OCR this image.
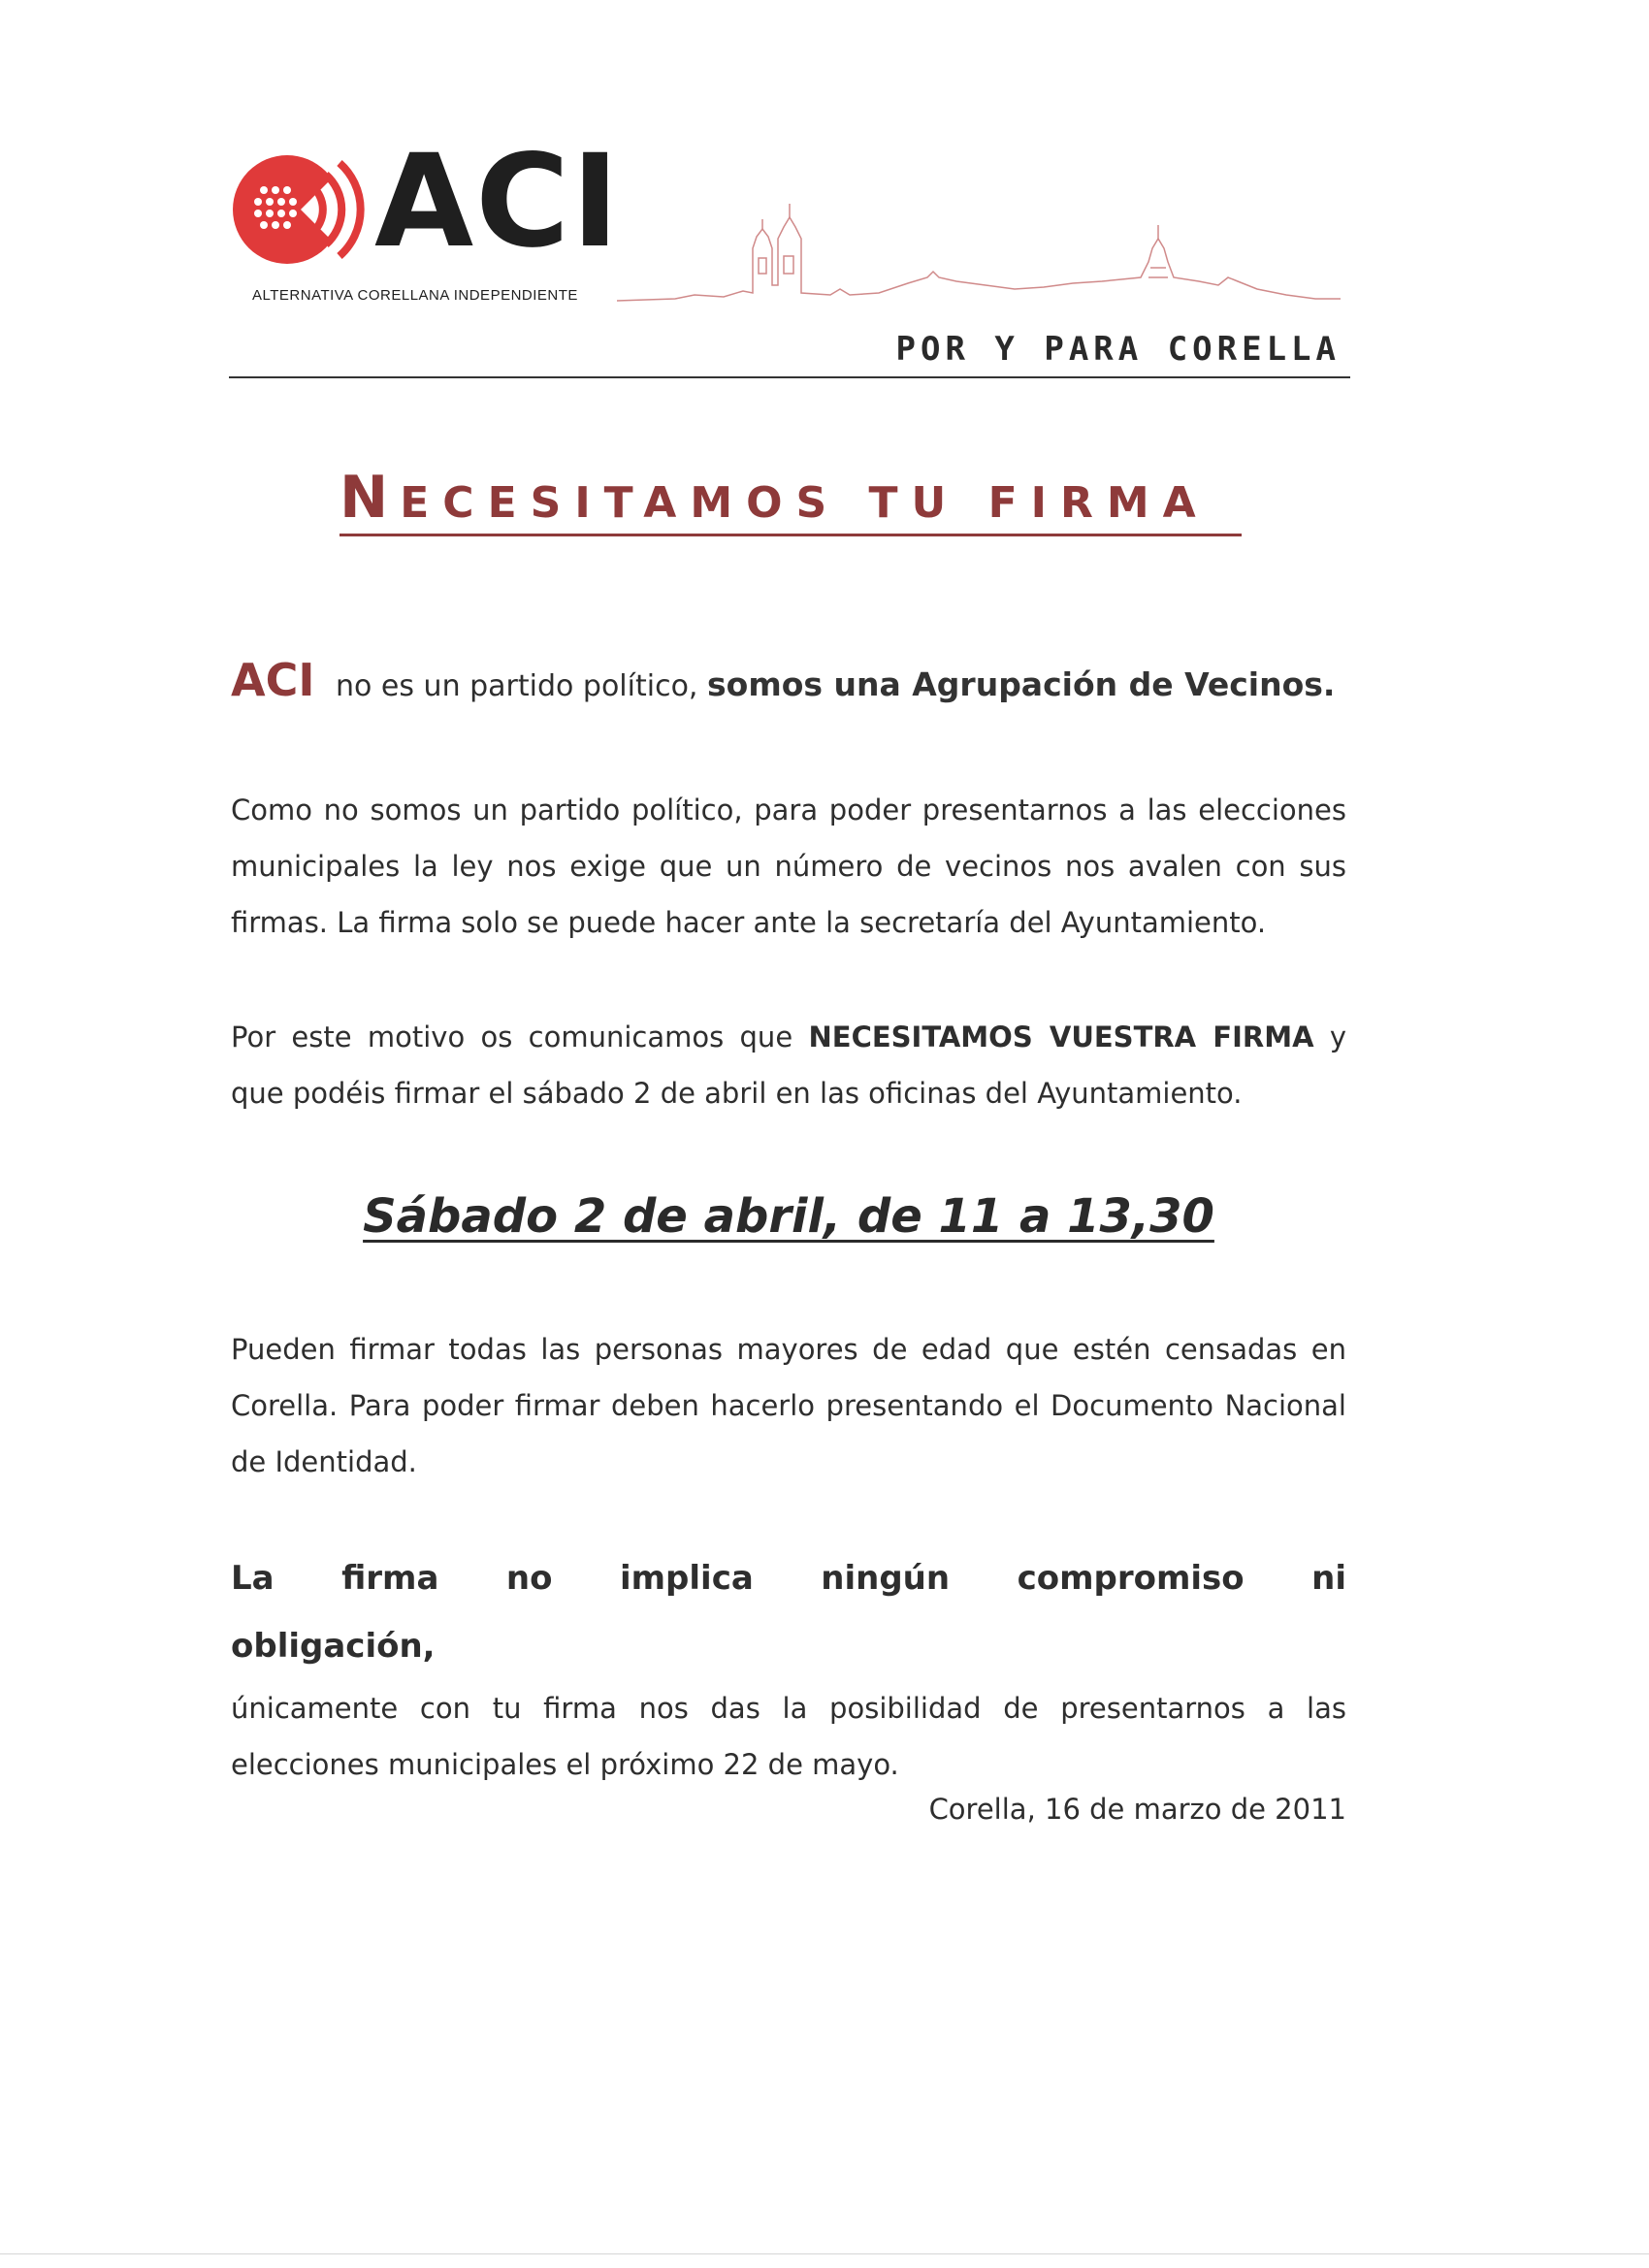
ACI
ALTERNATIVA CORELLANA INDEPENDIENTE
POR Y PARA CORELLA
NECESITAMOS TU FIRMA
ACI no es un partido político, somos una Agrupación de Vecinos.
Como no somos un partido político, para poder presentarnos a las elecciones municipales la ley nos exige que un número de vecinos nos avalen con sus firmas. La firma solo se puede hacer ante la secretaría del Ayuntamiento.
Por este motivo os comunicamos que NECESITAMOS VUESTRA FIRMA y que podéis firmar el sábado 2 de abril en las oficinas del Ayuntamiento.
Sábado 2 de abril, de 11 a 13,30
Pueden firmar todas las personas mayores de edad que estén censadas en Corella. Para poder firmar deben hacerlo presentando el Documento Nacional de Identidad.
La firma no implica ningún compromiso ni obligación,
únicamente con tu firma nos das la posibilidad de presentarnos a las elecciones municipales el próximo 22 de mayo.
Corella, 16 de marzo de 2011
